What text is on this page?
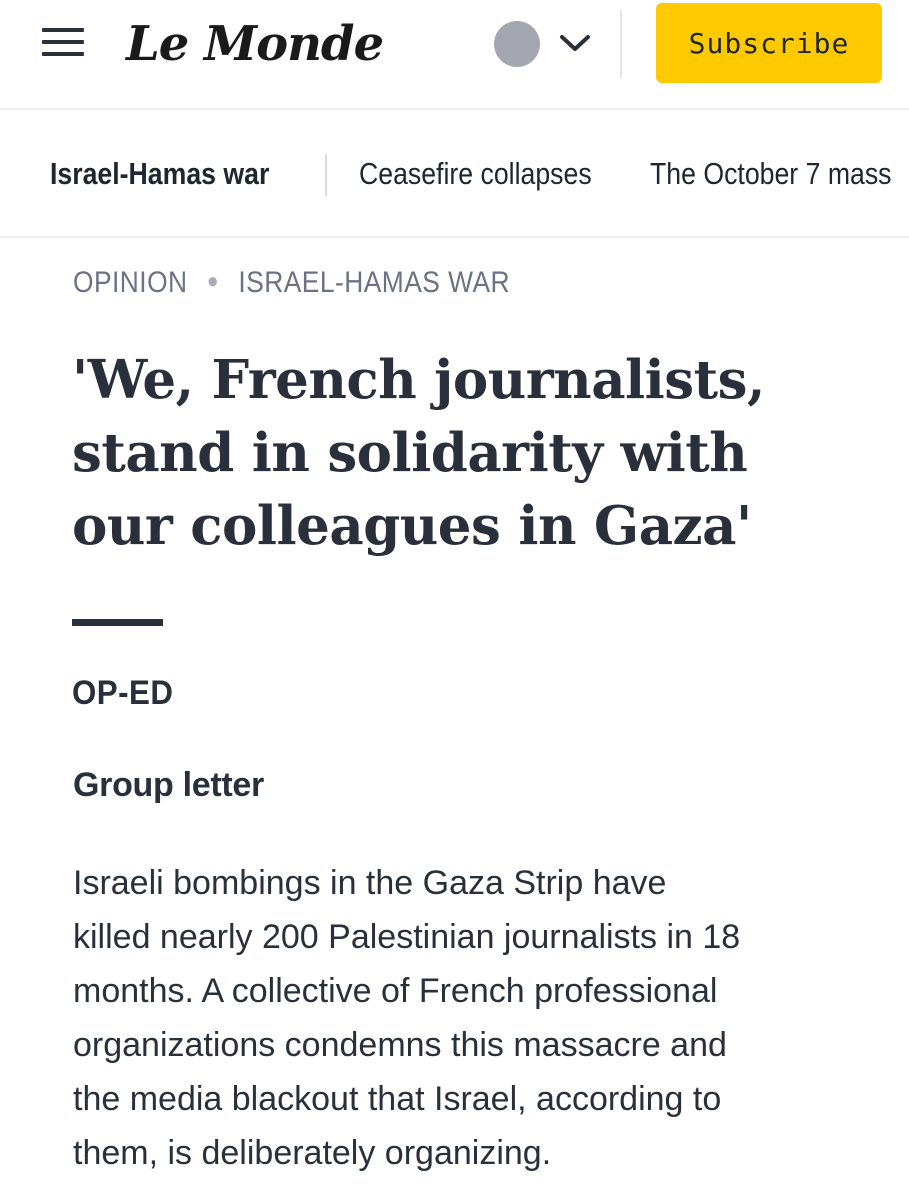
Le Monde	Subscribe
Israel-Hamas war	Ceasefire collapses The October 7 mass
OPINION ● ISRAEL-HAMAS WAR
'We, French journalists,
stand in solidarity with
our colleagues in Gaza'
OP-ED
Group letter

Israeli bombings in the Gaza Strip have
killed nearly 200 Palestinian journalists in 18
months. A collective of French professional
organizations condemns this massacre and
the media blackout that Israel, according to
them, is deliberately organizing.
